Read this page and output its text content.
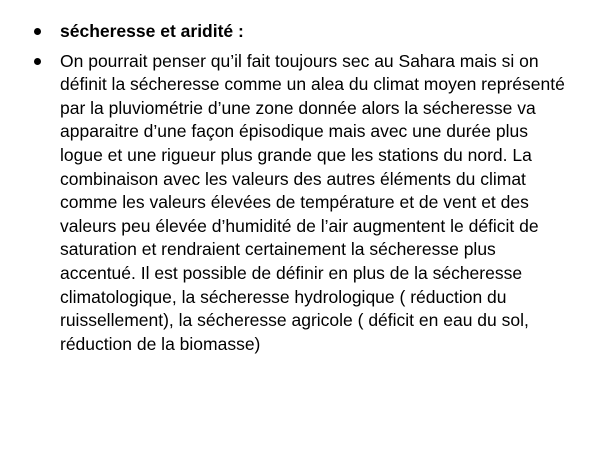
sécheresse et aridité :
On pourrait penser qu’il fait toujours sec au Sahara mais si on définit la sécheresse comme un alea du climat moyen représenté par la pluviométrie d’une zone donnée alors la sécheresse va apparaitre d’une façon épisodique mais avec une durée plus logue et une rigueur plus grande que les stations du nord. La combinaison avec les valeurs des autres éléments du climat comme les valeurs élevées de température et de vent et des valeurs peu élevée d’humidité de l’air augmentent le déficit de saturation et rendraient certainement la sécheresse plus accentué. Il est possible de définir en plus de la sécheresse climatologique, la sécheresse hydrologique ( réduction du ruissellement), la sécheresse agricole ( déficit en eau du sol, réduction de la biomasse)
